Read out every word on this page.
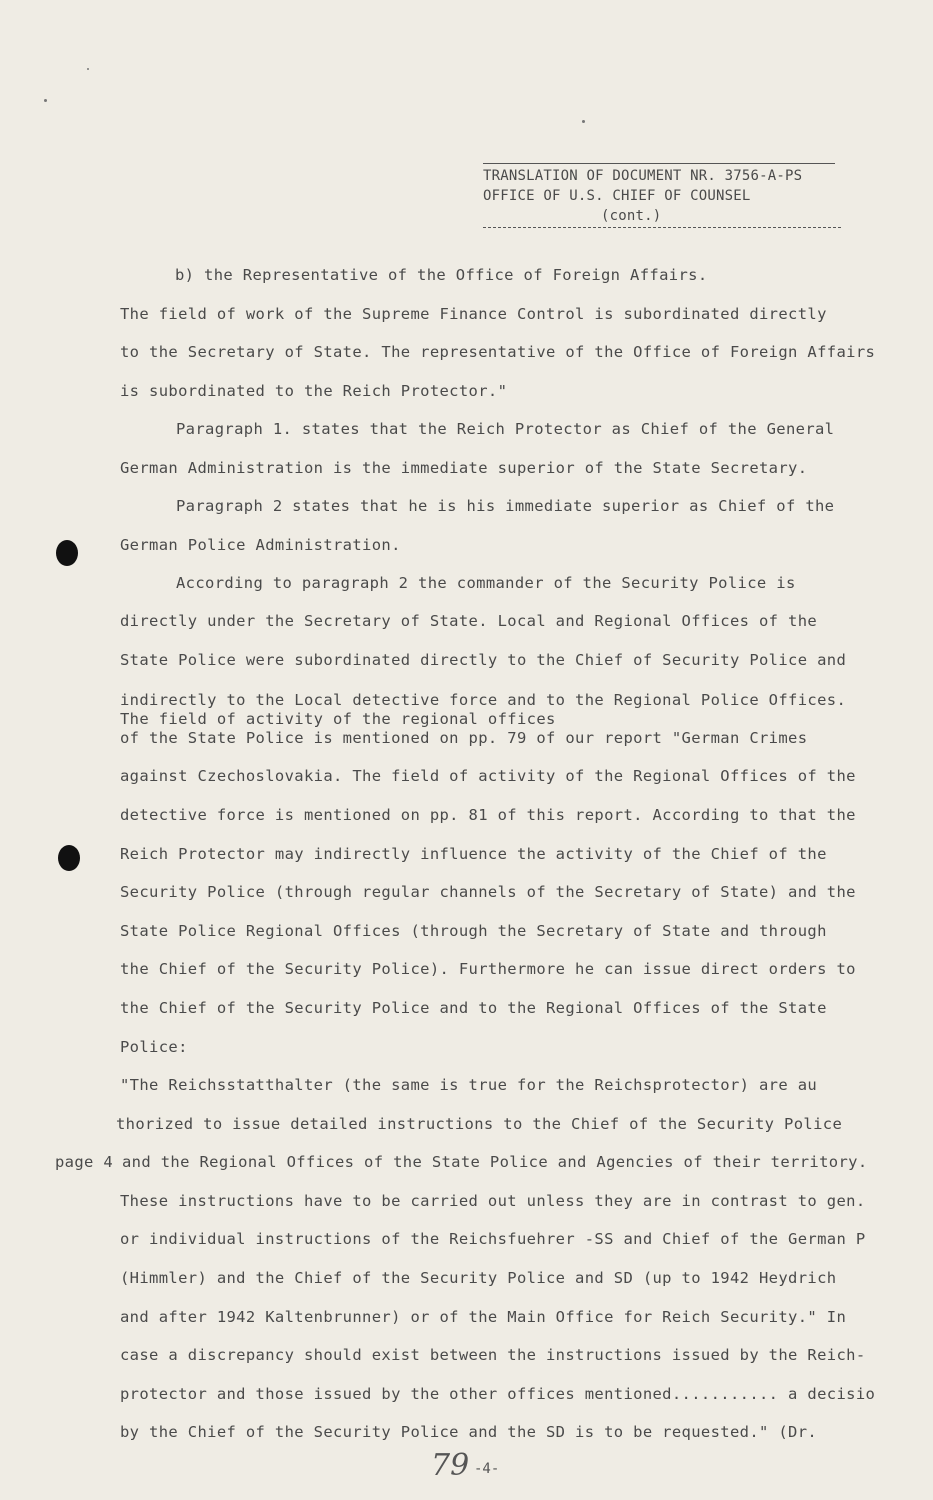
TRANSLATION OF DOCUMENT NR. 3756-A-PS
OFFICE OF U.S. CHIEF OF COUNSEL
(cont.)
b) the Representative of the Office of Foreign Affairs.
The field of work of the Supreme Finance Control is subordinated directly
to the Secretary of State. The representative of the Office of Foreign Affairs
is subordinated to the Reich Protector."
Paragraph 1. states that the Reich Protector as Chief of the General
German Administration is the immediate superior of the State Secretary.
Paragraph 2 states that he is his immediate superior as Chief of the
German Police Administration.
According to paragraph 2 the commander of the Security Police is
directly under the Secretary of State. Local and Regional Offices of the
State Police were subordinated directly to the Chief of Security Police and
indirectly to the Local detective force and to the Regional Police Offices.
The field of activity of the regional offices
of the State Police is mentioned on pp. 79 of our report "German Crimes
against Czechoslovakia. The field of activity of the Regional Offices of the
detective force is mentioned on pp. 81 of this report. According to that the
Reich Protector may indirectly influence the activity of the Chief of the
Security Police (through regular channels of the Secretary of State) and the
State Police Regional Offices (through the Secretary of State and through
the Chief of the Security Police). Furthermore he can issue direct orders to
the Chief of the Security Police and to the Regional Offices of the State
Police:
"The Reichsstatthalter (the same is true for the Reichsprotector) are au
thorized to issue detailed instructions to the Chief of the Security Police
and the Regional Offices of the State Police and Agencies of their territory.
These instructions have to be carried out unless they are in contrast to gen.
or individual instructions of the Reichsfuehrer -SS and Chief of the German P
(Himmler) and the Chief of the Security Police and SD (up to 1942 Heydrich
and after 1942 Kaltenbrunner) or of the Main Office for Reich Security." In
case a discrepancy should exist between the instructions issued by the Reich-
protector and those issued by the other offices mentioned........... a decisio
by the Chief of the Security Police and the SD is to be requested." (Dr.
page 4
79 -4-
